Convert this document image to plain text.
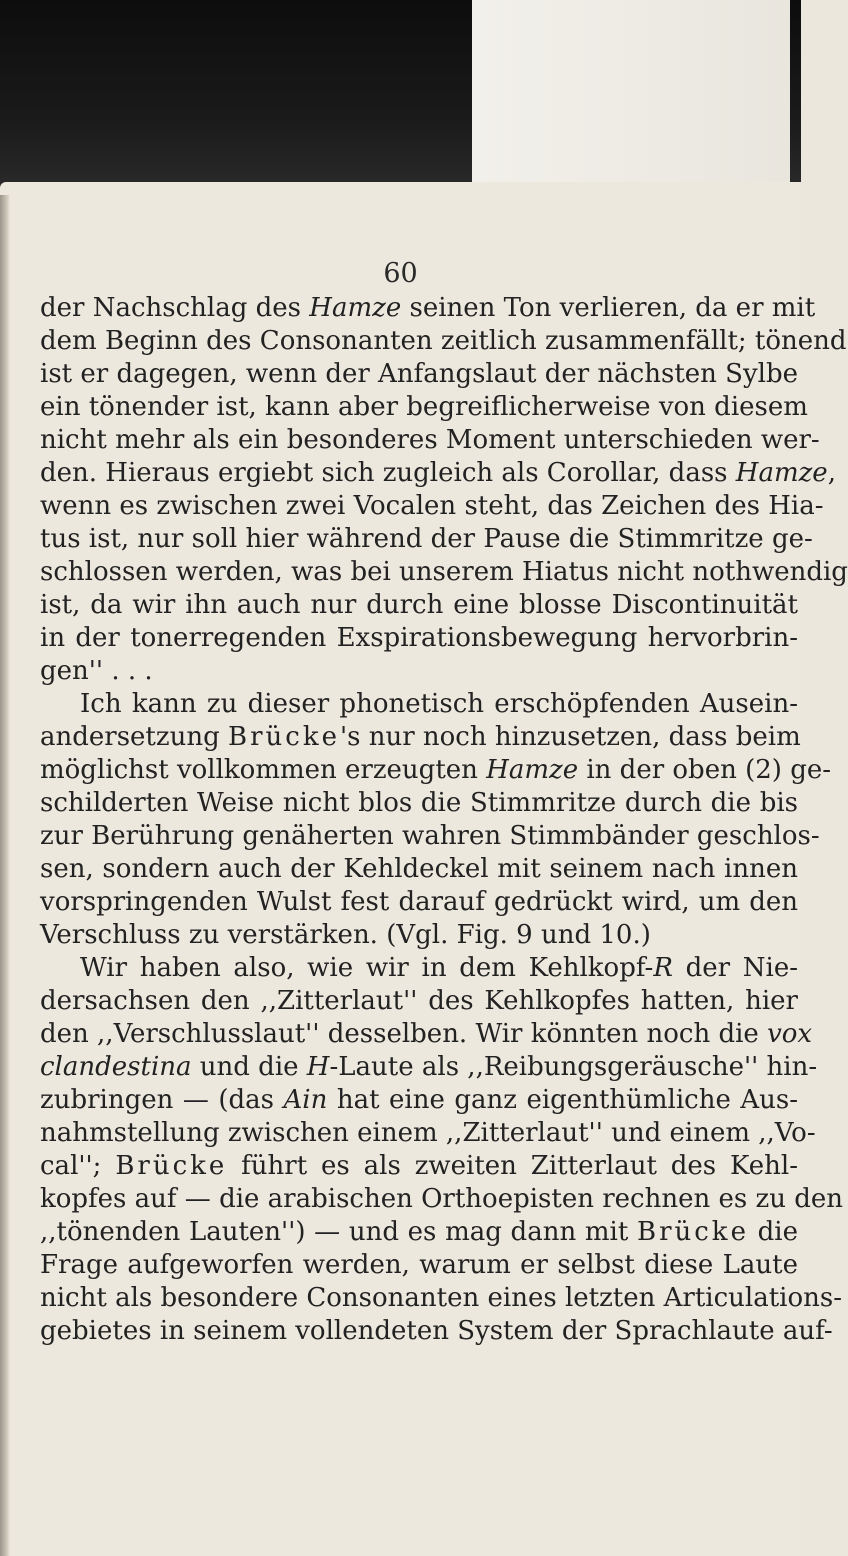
60
der Nachschlag des Hamze seinen Ton verlieren, da er mit
dem Beginn des Consonanten zeitlich zusammenfällt; tönend
ist er dagegen, wenn der Anfangslaut der nächsten Sylbe
ein tönender ist, kann aber begreiflicherweise von diesem
nicht mehr als ein besonderes Moment unterschieden wer-
den. Hieraus ergiebt sich zugleich als Corollar, dass Hamze,
wenn es zwischen zwei Vocalen steht, das Zeichen des Hia-
tus ist, nur soll hier während der Pause die Stimmritze ge-
schlossen werden, was bei unserem Hiatus nicht nothwendig
ist, da wir ihn auch nur durch eine blosse Discontinuität
in der tonerregenden Exspirationsbewegung hervorbrin-
gen'' . . .
Ich kann zu dieser phonetisch erschöpfenden Ausein-
andersetzung Brücke's nur noch hinzusetzen, dass beim
möglichst vollkommen erzeugten Hamze in der oben (2) ge-
schilderten Weise nicht blos die Stimmritze durch die bis
zur Berührung genäherten wahren Stimmbänder geschlos-
sen, sondern auch der Kehldeckel mit seinem nach innen
vorspringenden Wulst fest darauf gedrückt wird, um den
Verschluss zu verstärken. (Vgl. Fig. 9 und 10.)
Wir haben also, wie wir in dem Kehlkopf-R der Nie-
dersachsen den ,,Zitterlaut'' des Kehlkopfes hatten, hier
den ,,Verschlusslaut'' desselben. Wir könnten noch die vox
clandestina und die H-Laute als ,,Reibungsgeräusche'' hin-
zubringen — (das Ain hat eine ganz eigenthümliche Aus-
nahmstellung zwischen einem ,,Zitterlaut'' und einem ,,Vo-
cal''; Brücke führt es als zweiten Zitterlaut des Kehl-
kopfes auf — die arabischen Orthoepisten rechnen es zu den
,,tönenden Lauten'') — und es mag dann mit Brücke die
Frage aufgeworfen werden, warum er selbst diese Laute
nicht als besondere Consonanten eines letzten Articulations-
gebietes in seinem vollendeten System der Sprachlaute auf-
